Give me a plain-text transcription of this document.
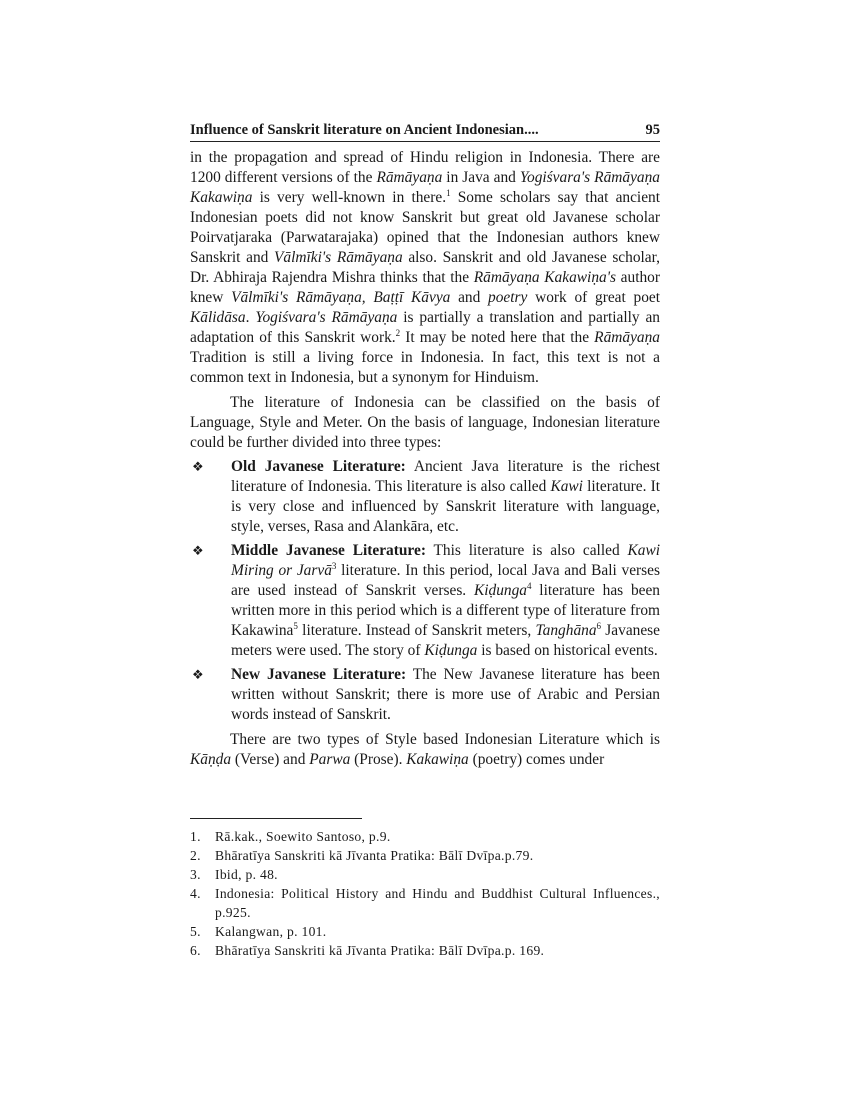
Influence of Sanskrit literature on Ancient Indonesian....	95

in the propagation and spread of Hindu religion in Indonesia. There are 1200 different versions of the Rāmāyaṇa in Java and Yogiśvara's Rāmāyaṇa Kakawiṇa is very well-known in there.$^1$ Some scholars say that ancient Indonesian poets did not know Sanskrit but great old Javanese scholar Poirvatjaraka (Parwatarajaka) opined that the Indonesian authors knew Sanskrit and Vālmīki's Rāmāyaṇa also. Sanskrit and old Javanese scholar, Dr. Abhiraja Rajendra Mishra thinks that the Rāmāyaṇa Kakawiṇa's author knew Vālmīki's Rāmāyaṇa, Baṭṭī Kāvya and poetry work of great poet Kālidāsa. Yogiśvara's Rāmāyaṇa is partially a translation and partially an adaptation of this Sanskrit work.$^2$ It may be noted here that the Rāmāyaṇa Tradition is still a living force in Indonesia. In fact, this text is not a common text in Indonesia, but a synonym for Hinduism.

The literature of Indonesia can be classified on the basis of Language, Style and Meter. On the basis of language, Indonesian literature could be further divided into three types:

❖ Old Javanese Literature: Ancient Java literature is the richest literature of Indonesia. This literature is also called Kawi literature. It is very close and influenced by Sanskrit literature with language, style, verses, Rasa and Alankāra, etc.
❖ Middle Javanese Literature: This literature is also called Kawi Miring or Jarvā$^3$ literature. In this period, local Java and Bali verses are used instead of Sanskrit verses. Kiḍunga$^4$ literature has been written more in this period which is a different type of literature from Kakawina$^5$ literature. Instead of Sanskrit meters, Tanghāna$^6$ Javanese meters were used. The story of Kiḍunga is based on historical events.
❖ New Javanese Literature: The New Javanese literature has been written without Sanskrit; there is more use of Arabic and Persian words instead of Sanskrit.

There are two types of Style based Indonesian Literature which is Kāṇḍa (Verse) and Parwa (Prose). Kakawiṇa (poetry) comes under

1. Rā.kak., Soewito Santoso, p.9.
2. Bhāratīya Sanskriti kā Jīvanta Pratika: Bālī Dvīpa.p.79.
3. Ibid, p. 48.
4. Indonesia: Political History and Hindu and Buddhist Cultural Influences., p.925.
5. Kalangwan, p. 101.
6. Bhāratīya Sanskriti kā Jīvanta Pratika: Bālī Dvīpa.p. 169.
